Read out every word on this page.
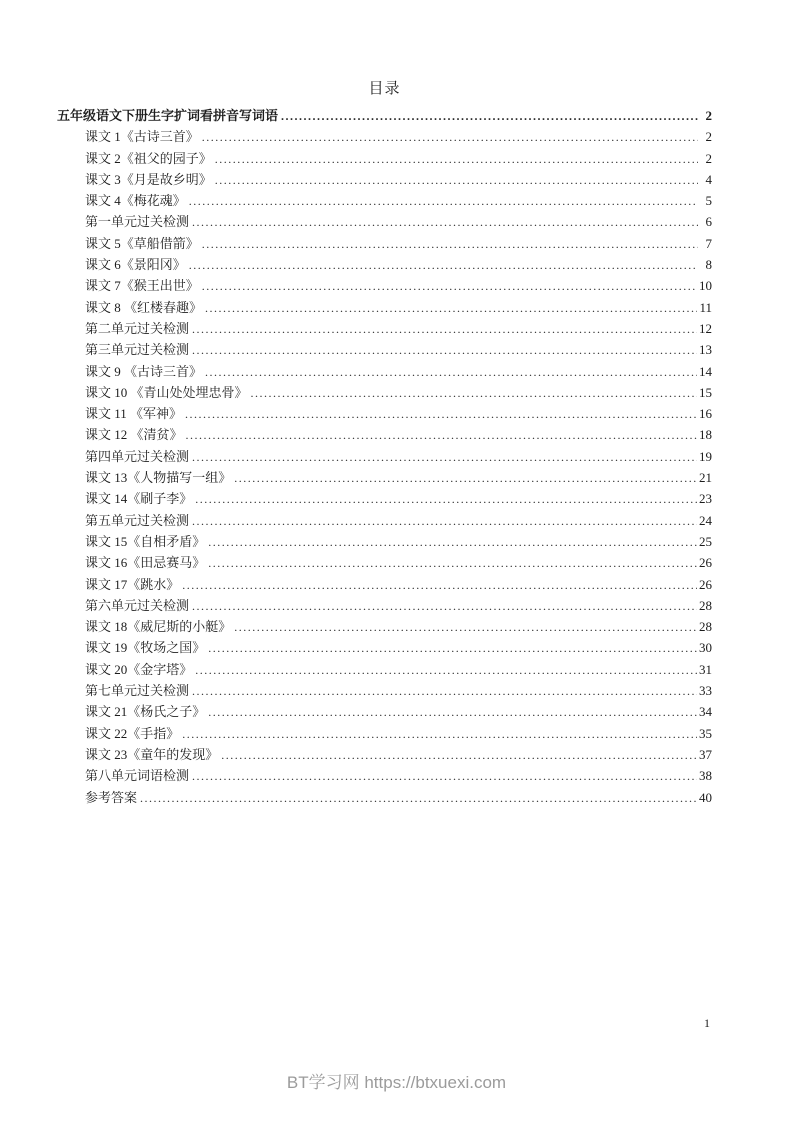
目录
五年级语文下册生字扩词看拼音写词语 .....	2
课文 1《古诗三首》 .....	2
课文 2《祖父的园子》 .....	2
课文 3《月是故乡明》 .....	4
课文 4《梅花魂》 .....	5
第一单元过关检测 .....	6
课文 5《草船借箭》 .....	7
课文 6《景阳冈》 .....	8
课文 7《猴王出世》 .....	10
课文 8 《红楼春趣》 .....	11
第二单元过关检测 .....	12
第三单元过关检测 .....	13
课文 9 《古诗三首》 .....	14
课文 10 《青山处处埋忠骨》 .....	15
课文 11 《军神》 .....	16
课文 12 《清贫》 .....	18
第四单元过关检测 .....	19
课文 13《人物描写一组》 .....	21
课文 14《刷子李》 .....	23
第五单元过关检测 .....	24
课文 15《自相矛盾》 .....	25
课文 16《田忌赛马》 .....	26
课文 17《跳水》 .....	26
第六单元过关检测 .....	28
课文 18《威尼斯的小艇》 .....	28
课文 19《牧场之国》 .....	30
课文 20《金字塔》 .....	31
第七单元过关检测 .....	33
课文 21《杨氏之子》 .....	34
课文 22《手指》 .....	35
课文 23《童年的发现》 .....	37
第八单元词语检测 .....	38
参考答案 .....	40
1
BT学习网 https://btxuexi.com
